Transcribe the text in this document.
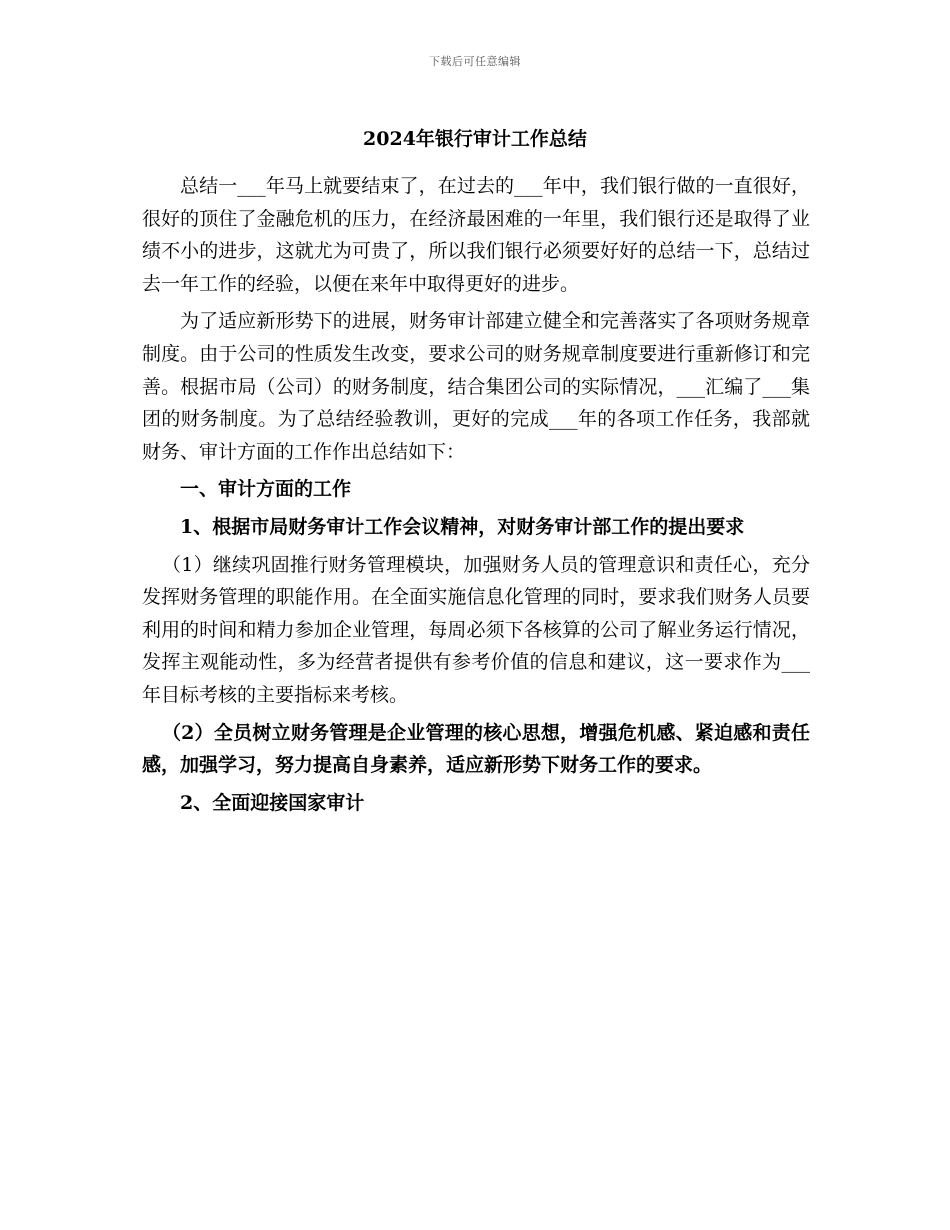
下载后可任意编辑
2024年银行审计工作总结

总结一___年马上就要结束了，在过去的___年中，我们银行做的一直很好，很好的顶住了金融危机的压力，在经济最困难的一年里，我们银行还是取得了业绩不小的进步，这就尤为可贵了，所以我们银行必须要好好的总结一下，总结过去一年工作的经验，以便在来年中取得更好的进步。

为了适应新形势下的进展，财务审计部建立健全和完善落实了各项财务规章制度。由于公司的性质发生改变，要求公司的财务规章制度要进行重新修订和完善。根据市局（公司）的财务制度，结合集团公司的实际情况，___汇编了___集团的财务制度。为了总结经验教训，更好的完成___年的各项工作任务，我部就财务、审计方面的工作作出总结如下：

一、审计方面的工作

1、根据市局财务审计工作会议精神，对财务审计部工作的提出要求

（1）继续巩固推行财务管理模块，加强财务人员的管理意识和责任心，充分发挥财务管理的职能作用。在全面实施信息化管理的同时，要求我们财务人员要利用的时间和精力参加企业管理，每周必须下各核算的公司了解业务运行情况，发挥主观能动性，多为经营者提供有参考价值的信息和建议，这一要求作为___年目标考核的主要指标来考核。

（2）全员树立财务管理是企业管理的核心思想，增强危机感、紧迫感和责任感，加强学习，努力提高自身素养，适应新形势下财务工作的要求。

2、全面迎接国家审计
